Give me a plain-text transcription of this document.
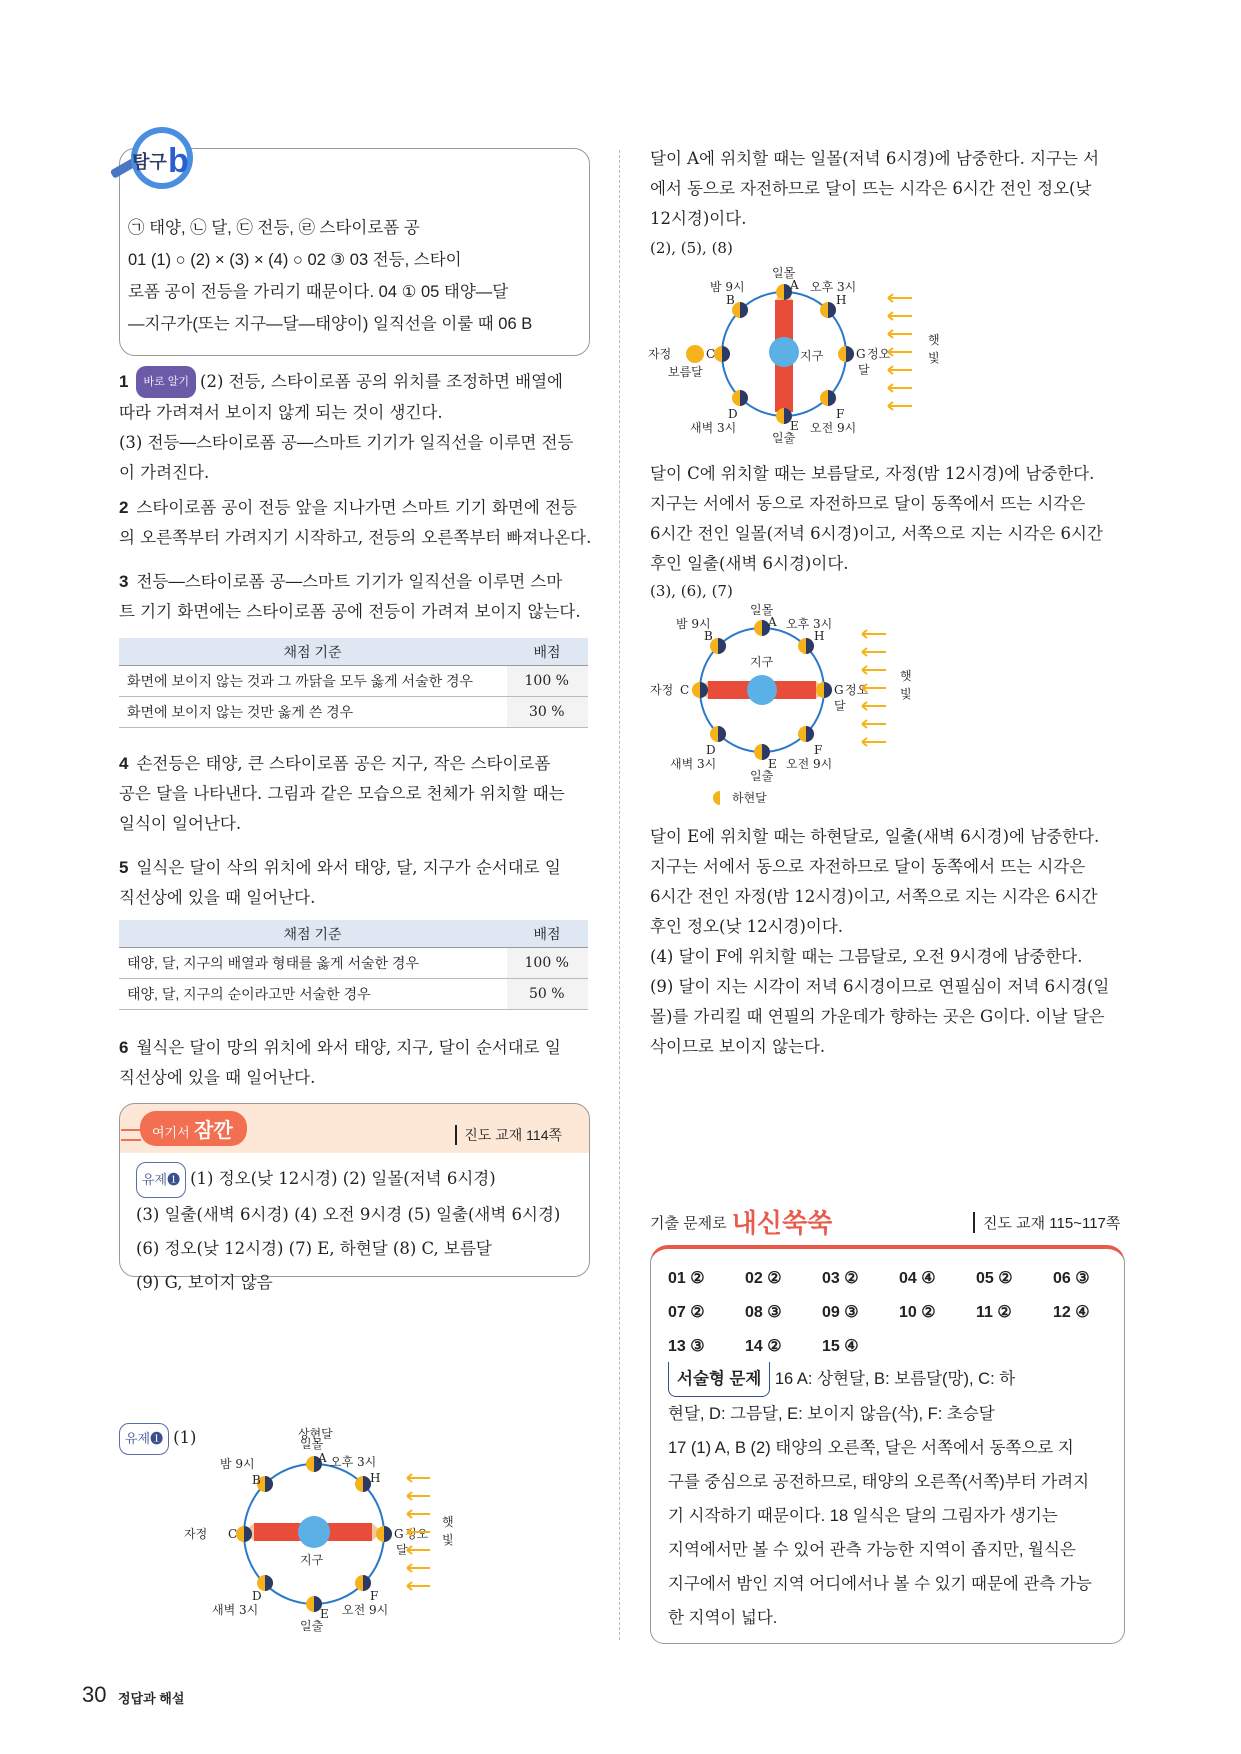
탐구 b
㉠ 태양, ㉡ 달, ㉢ 전등, ㉣ 스타이로폼 공
01 (1) ○ (2) × (3) × (4) ○ 02 ③ 03 전등, 스타이
로폼 공이 전등을 가리기 때문이다. 04 ① 05 태양―달
―지구가(또는 지구―달―태양이) 일직선을 이룰 때 06 B
1 바로 알기 (2) 전등, 스타이로폼 공의 위치를 조정하면 배열에
따라 가려져서 보이지 않게 되는 것이 생긴다.
(3) 전등―스타이로폼 공―스마트 기기가 일직선을 이루면 전등
이 가려진다.
2 스타이로폼 공이 전등 앞을 지나가면 스마트 기기 화면에 전등
의 오른쪽부터 가려지기 시작하고, 전등의 오른쪽부터 빠져나온다.
3 전등―스타이로폼 공―스마트 기기가 일직선을 이루면 스마
트 기기 화면에는 스타이로폼 공에 전등이 가려져 보이지 않는다.
채점 기준	배점
화면에 보이지 않는 것과 그 까닭을 모두 옳게 서술한 경우	100 %
화면에 보이지 않는 것만 옳게 쓴 경우	30 %
4 손전등은 태양, 큰 스타이로폼 공은 지구, 작은 스타이로폼
공은 달을 나타낸다. 그림과 같은 모습으로 천체가 위치할 때는
일식이 일어난다.
5 일식은 달이 삭의 위치에 와서 태양, 달, 지구가 순서대로 일
직선상에 있을 때 일어난다.
채점 기준	배점
태양, 달, 지구의 배열과 형태를 옳게 서술한 경우	100 %
태양, 달, 지구의 순이라고만 서술한 경우	50 %
6 월식은 달이 망의 위치에 와서 태양, 지구, 달이 순서대로 일
직선상에 있을 때 일어난다.
진도 교재 114쪽
여기서 잠깐
유제❶ (1) 정오(낮 12시경) (2) 일몰(저녁 6시경)
(3) 일출(새벽 6시경) (4) 오전 9시경 (5) 일출(새벽 6시경)
(6) 정오(낮 12시경) (7) E, 하현달 (8) C, 보름달
(9) G, 보이지 않음
유제❶ (1)	상현달
일몰
A
밤 9시
B
오후 3시
H
자정 C	G 정오
달
지구
D
새벽 3시	E
일출
F
오전 9시
햇
빛
달이 A에 위치할 때는 일몰(저녁 6시경)에 남중한다. 지구는 서
에서 동으로 자전하므로 달이 뜨는 시각은 6시간 전인 정오(낮
12시경)이다.
(2), (5), (8)
일몰
A
밤 9시
B
오후 3시
H
자정	C
보름달
지구	G 정오
달
D
새벽 3시	E
일출
F
오전 9시
햇
빛
달이 C에 위치할 때는 보름달로, 자정(밤 12시경)에 남중한다.
지구는 서에서 동으로 자전하므로 달이 동쪽에서 뜨는 시각은
6시간 전인 일몰(저녁 6시경)이고, 서쪽으로 지는 시각은 6시간
후인 일출(새벽 6시경)이다.
(3), (6), (7)
일몰
A
밤 9시
B
오후 3시
H
지구
자정 C	G 정오
달
D
새벽 3시	E
일출
F
오전 9시
하현달
햇
빛
달이 E에 위치할 때는 하현달로, 일출(새벽 6시경)에 남중한다.
지구는 서에서 동으로 자전하므로 달이 동쪽에서 뜨는 시각은
6시간 전인 자정(밤 12시경)이고, 서쪽으로 지는 시각은 6시간
후인 정오(낮 12시경)이다.
(4) 달이 F에 위치할 때는 그믐달로, 오전 9시경에 남중한다.
(9) 달이 지는 시각이 저녁 6시경이므로 연필심이 저녁 6시경(일
몰)를 가리킬 때 연필의 가운데가 향하는 곳은 G이다. 이날 달은
삭이므로 보이지 않는다.
기출 문제로 내신쑥쑥	진도 교재 115~117쪽
01 ②	02 ②	03 ②	04 ④	05 ②	06 ③
07 ②	08 ③	09 ③	10 ②	11 ②	12 ④
13 ③	14 ②	15 ④
서술형 문제 16 A: 상현달, B: 보름달(망), C: 하
현달, D: 그믐달, E: 보이지 않음(삭), F: 초승달
17 (1) A, B (2) 태양의 오른쪽, 달은 서쪽에서 동쪽으로 지
구를 중심으로 공전하므로, 태양의 오른쪽(서쪽)부터 가려지
기 시작하기 때문이다. 18 일식은 달의 그림자가 생기는
지역에서만 볼 수 있어 관측 가능한 지역이 좁지만, 월식은
지구에서 밤인 지역 어디에서나 볼 수 있기 때문에 관측 가능
한 지역이 넓다.
30 정답과 해설
